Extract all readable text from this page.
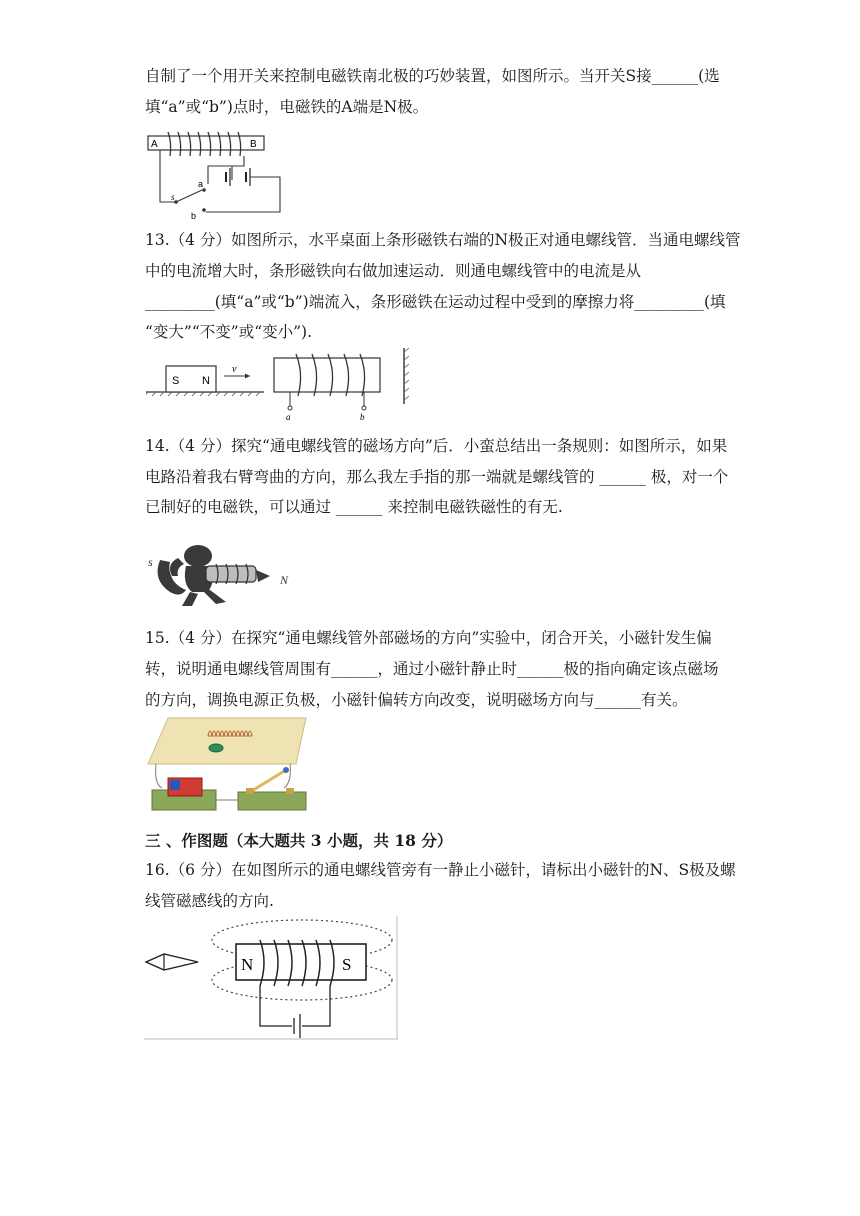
自制了一个用开关来控制电磁铁南北极的巧妙装置，如图所示。当开关S接______(选
填“a”或“b”)点时，电磁铁的A端是N极。
A	B
a
b
s
13.（4 分）如图所示，水平桌面上条形磁铁右端的N极正对通电螺线管．当通电螺线管
中的电流增大时，条形磁铁向右做加速运动．则通电螺线管中的电流是从
_________(填“a”或“b”)端流入，条形磁铁在运动过程中受到的摩擦力将_________(填
“变大”“不变”或“变小”).
S N
v
a	b
14.（4 分）探究“通电螺线管的磁场方向”后．小蛮总结出一条规则：如图所示，如果
电路沿着我右臂弯曲的方向，那么我左手指的那一端就是螺线管的 ______ 极，对一个
已制好的电磁铁，可以通过 ______ 来控制电磁铁磁性的有无.
s
N
15.（4 分）在探究“通电螺线管外部磁场的方向”实验中，闭合开关，小磁针发生偏
转，说明通电螺线管周围有______，通过小磁针静止时______极的指向确定该点磁场
的方向，调换电源正负极，小磁针偏转方向改变，说明磁场方向与______有关。
三 、作图题（本大题共 3 小题，共 18 分）
16.（6 分）在如图所示的通电螺线管旁有一静止小磁针，请标出小磁针的N、S极及螺
线管磁感线的方向.
N	S
